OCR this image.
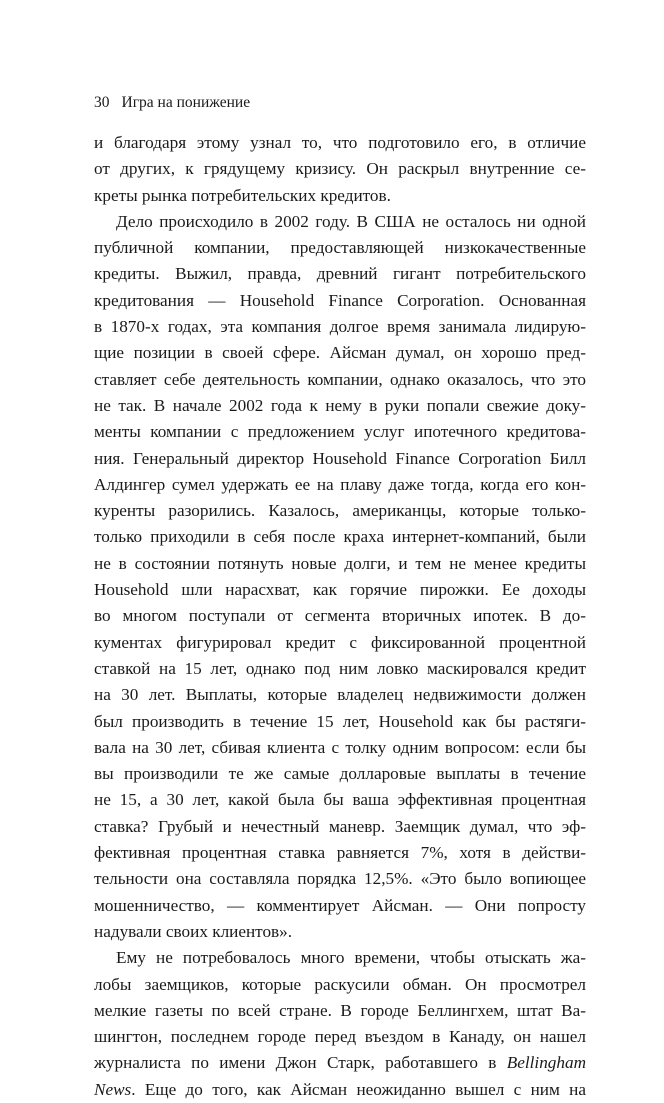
30 Игра на понижение
и благодаря этому узнал то, что подготовило его, в отличие
от других, к грядущему кризису. Он раскрыл внутренние се-
креты рынка потребительских кредитов.
Дело происходило в 2002 году. В США не осталось ни одной
публичной компании, предоставляющей низкокачественные
кредиты. Выжил, правда, древний гигант потребительского
кредитования — Household Finance Corporation. Основанная
в 1870-х годах, эта компания долгое время занимала лидирую-
щие позиции в своей сфере. Айсман думал, он хорошо пред-
ставляет себе деятельность компании, однако оказалось, что это
не так. В начале 2002 года к нему в руки попали свежие доку-
менты компании с предложением услуг ипотечного кредитова-
ния. Генеральный директор Household Finance Corporation Билл
Алдингер сумел удержать ее на плаву даже тогда, когда его кон-
куренты разорились. Казалось, американцы, которые только-
только приходили в себя после краха интернет-компаний, были
не в состоянии потянуть новые долги, и тем не менее кредиты
Household шли нарасхват, как горячие пирожки. Ее доходы
во многом поступали от сегмента вторичных ипотек. В до-
кументах фигурировал кредит с фиксированной процентной
ставкой на 15 лет, однако под ним ловко маскировался кредит
на 30 лет. Выплаты, которые владелец недвижимости должен
был производить в течение 15 лет, Household как бы растяги-
вала на 30 лет, сбивая клиента с толку одним вопросом: если бы
вы производили те же самые долларовые выплаты в течение
не 15, а 30 лет, какой была бы ваша эффективная процентная
ставка? Грубый и нечестный маневр. Заемщик думал, что эф-
фективная процентная ставка равняется 7%, хотя в действи-
тельности она составляла порядка 12,5%. «Это было вопиющее
мошенничество, — комментирует Айсман. — Они попросту
надували своих клиентов».
Ему не потребовалось много времени, чтобы отыскать жа-
лобы заемщиков, которые раскусили обман. Он просмотрел
мелкие газеты по всей стране. В городе Беллингхем, штат Ва-
шингтон, последнем городе перед въездом в Канаду, он нашел
журналиста по имени Джон Старк, работавшего в Bellingham
News. Еще до того, как Айсман неожиданно вышел с ним на
